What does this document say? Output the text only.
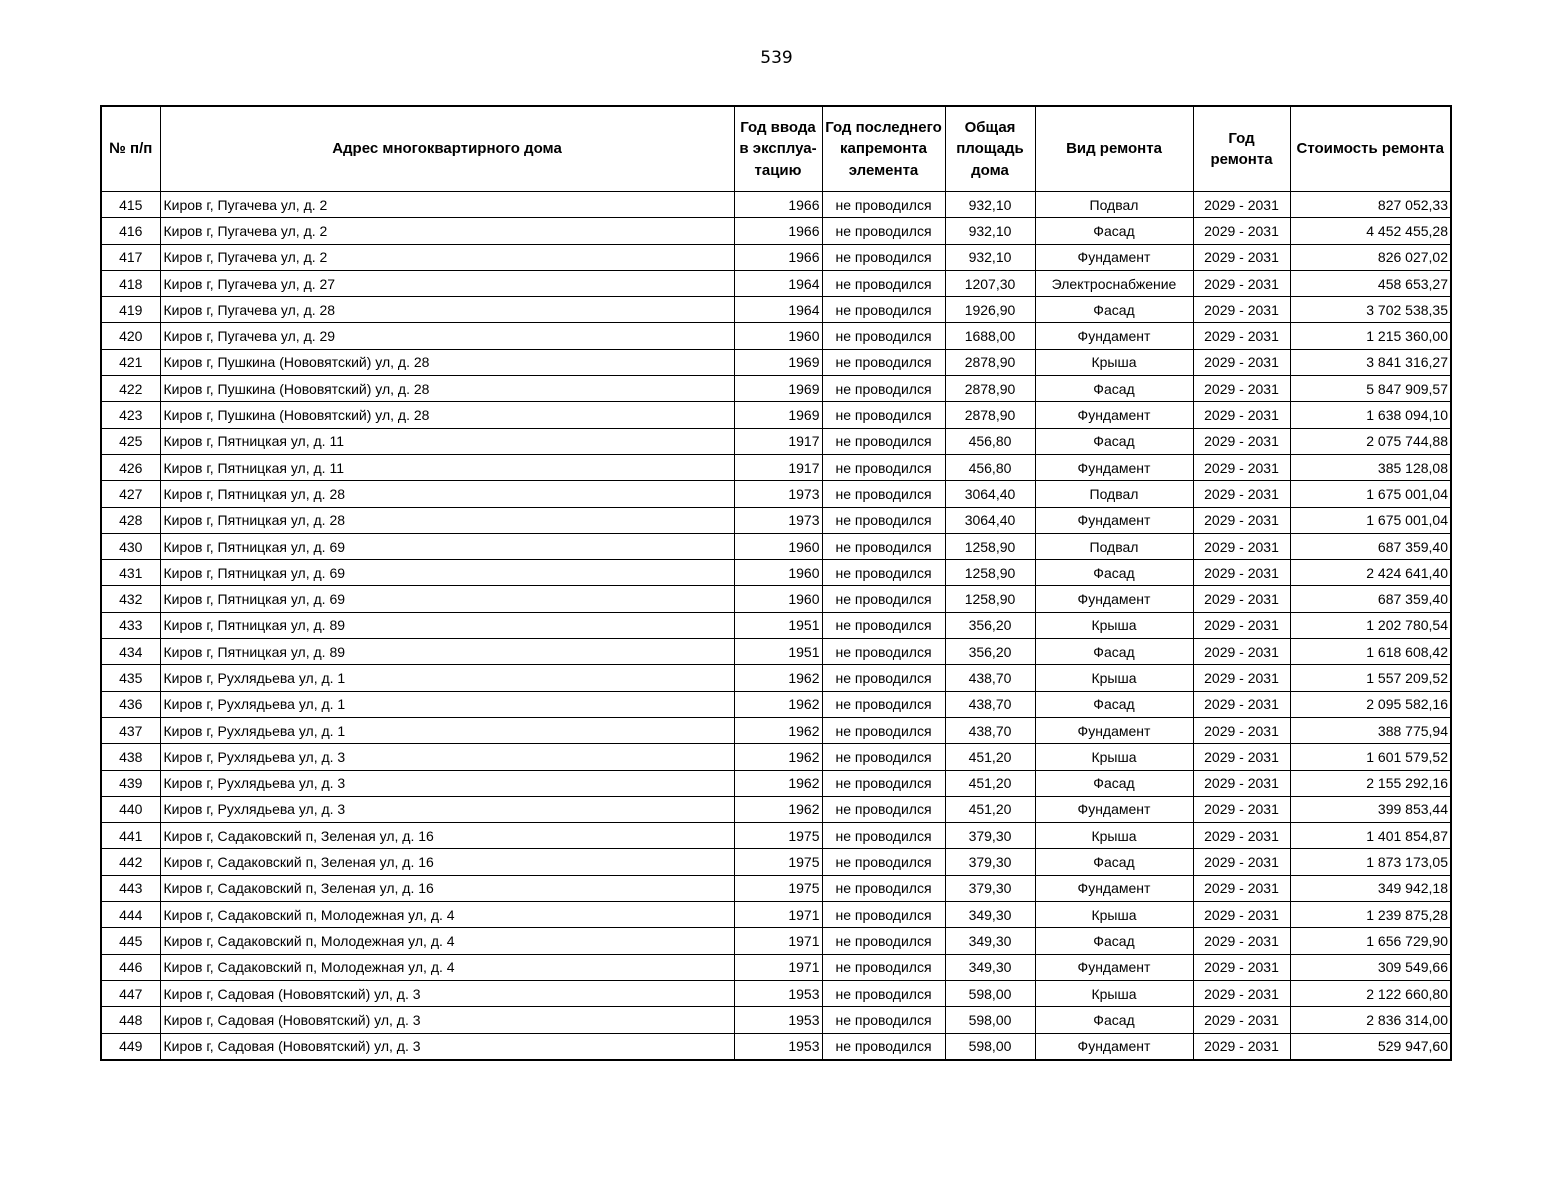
539
№ п/п	Адрес многоквартирного дома	Год ввода в эксплуа-тацию	Год последнего капремонта элемента	Общая площадь дома	Вид ремонта	Год ремонта	Стоимость ремонта
415	Киров г, Пугачева ул, д. 2	1966	не проводился	932,10	Подвал	2029 - 2031	827 052,33
416	Киров г, Пугачева ул, д. 2	1966	не проводился	932,10	Фасад	2029 - 2031	4 452 455,28
417	Киров г, Пугачева ул, д. 2	1966	не проводился	932,10	Фундамент	2029 - 2031	826 027,02
418	Киров г, Пугачева ул, д. 27	1964	не проводился	1207,30	Электроснабжение	2029 - 2031	458 653,27
419	Киров г, Пугачева ул, д. 28	1964	не проводился	1926,90	Фасад	2029 - 2031	3 702 538,35
420	Киров г, Пугачева ул, д. 29	1960	не проводился	1688,00	Фундамент	2029 - 2031	1 215 360,00
421	Киров г, Пушкина (Нововятский) ул, д. 28	1969	не проводился	2878,90	Крыша	2029 - 2031	3 841 316,27
422	Киров г, Пушкина (Нововятский) ул, д. 28	1969	не проводился	2878,90	Фасад	2029 - 2031	5 847 909,57
423	Киров г, Пушкина (Нововятский) ул, д. 28	1969	не проводился	2878,90	Фундамент	2029 - 2031	1 638 094,10
425	Киров г, Пятницкая ул, д. 11	1917	не проводился	456,80	Фасад	2029 - 2031	2 075 744,88
426	Киров г, Пятницкая ул, д. 11	1917	не проводился	456,80	Фундамент	2029 - 2031	385 128,08
427	Киров г, Пятницкая ул, д. 28	1973	не проводился	3064,40	Подвал	2029 - 2031	1 675 001,04
428	Киров г, Пятницкая ул, д. 28	1973	не проводился	3064,40	Фундамент	2029 - 2031	1 675 001,04
430	Киров г, Пятницкая ул, д. 69	1960	не проводился	1258,90	Подвал	2029 - 2031	687 359,40
431	Киров г, Пятницкая ул, д. 69	1960	не проводился	1258,90	Фасад	2029 - 2031	2 424 641,40
432	Киров г, Пятницкая ул, д. 69	1960	не проводился	1258,90	Фундамент	2029 - 2031	687 359,40
433	Киров г, Пятницкая ул, д. 89	1951	не проводился	356,20	Крыша	2029 - 2031	1 202 780,54
434	Киров г, Пятницкая ул, д. 89	1951	не проводился	356,20	Фасад	2029 - 2031	1 618 608,42
435	Киров г, Рухлядьева ул, д. 1	1962	не проводился	438,70	Крыша	2029 - 2031	1 557 209,52
436	Киров г, Рухлядьева ул, д. 1	1962	не проводился	438,70	Фасад	2029 - 2031	2 095 582,16
437	Киров г, Рухлядьева ул, д. 1	1962	не проводился	438,70	Фундамент	2029 - 2031	388 775,94
438	Киров г, Рухлядьева ул, д. 3	1962	не проводился	451,20	Крыша	2029 - 2031	1 601 579,52
439	Киров г, Рухлядьева ул, д. 3	1962	не проводился	451,20	Фасад	2029 - 2031	2 155 292,16
440	Киров г, Рухлядьева ул, д. 3	1962	не проводился	451,20	Фундамент	2029 - 2031	399 853,44
441	Киров г, Садаковский п, Зеленая ул, д. 16	1975	не проводился	379,30	Крыша	2029 - 2031	1 401 854,87
442	Киров г, Садаковский п, Зеленая ул, д. 16	1975	не проводился	379,30	Фасад	2029 - 2031	1 873 173,05
443	Киров г, Садаковский п, Зеленая ул, д. 16	1975	не проводился	379,30	Фундамент	2029 - 2031	349 942,18
444	Киров г, Садаковский п, Молодежная ул, д. 4	1971	не проводился	349,30	Крыша	2029 - 2031	1 239 875,28
445	Киров г, Садаковский п, Молодежная ул, д. 4	1971	не проводился	349,30	Фасад	2029 - 2031	1 656 729,90
446	Киров г, Садаковский п, Молодежная ул, д. 4	1971	не проводился	349,30	Фундамент	2029 - 2031	309 549,66
447	Киров г, Садовая (Нововятский) ул, д. 3	1953	не проводился	598,00	Крыша	2029 - 2031	2 122 660,80
448	Киров г, Садовая (Нововятский) ул, д. 3	1953	не проводился	598,00	Фасад	2029 - 2031	2 836 314,00
449	Киров г, Садовая (Нововятский) ул, д. 3	1953	не проводился	598,00	Фундамент	2029 - 2031	529 947,60
